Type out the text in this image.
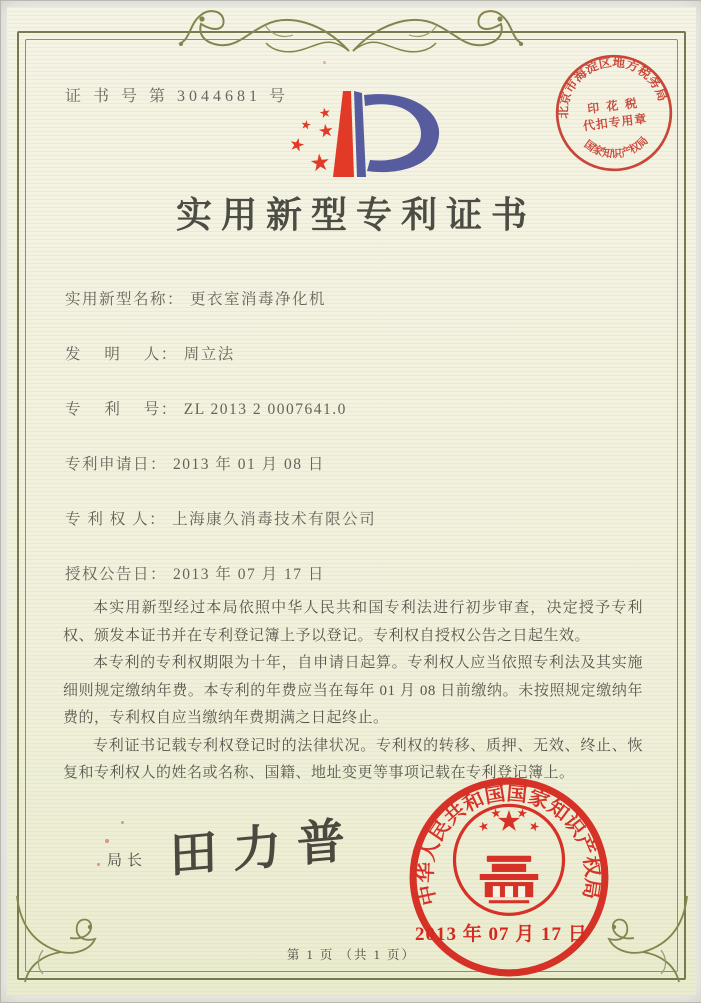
证 书 号 第 3044681 号
北京市海淀区地方税务局
印 花 税
代扣专用章
国家知识产权局
实用新型专利证书
实用新型名称： 更衣室消毒净化机
发　 明　 人： 周立法
专　 利　 号： ZL 2013 2 0007641.0
专利申请日： 2013 年 01 月 08 日
专 利 权 人： 上海康久消毒技术有限公司
授权公告日： 2013 年 07 月 17 日

本实用新型经过本局依照中华人民共和国专利法进行初步审查，决定授予专利权、颁发本证书并在专利登记簿上予以登记。专利权自授权公告之日起生效。

本专利的专利权期限为十年，自申请日起算。专利权人应当依照专利法及其实施细则规定缴纳年费。本专利的年费应当在每年 01 月 08 日前缴纳。未按照规定缴纳年费的，专利权自应当缴纳年费期满之日起终止。

专利证书记载专利权登记时的法律状况。专利权的转移、质押、无效、终止、恢复和专利权人的姓名或名称、国籍、地址变更等事项记载在专利登记簿上。

局长 田力普
中华人民共和国国家知识产权局
2013 年 07 月 17 日
第 1 页 （共 1 页）
